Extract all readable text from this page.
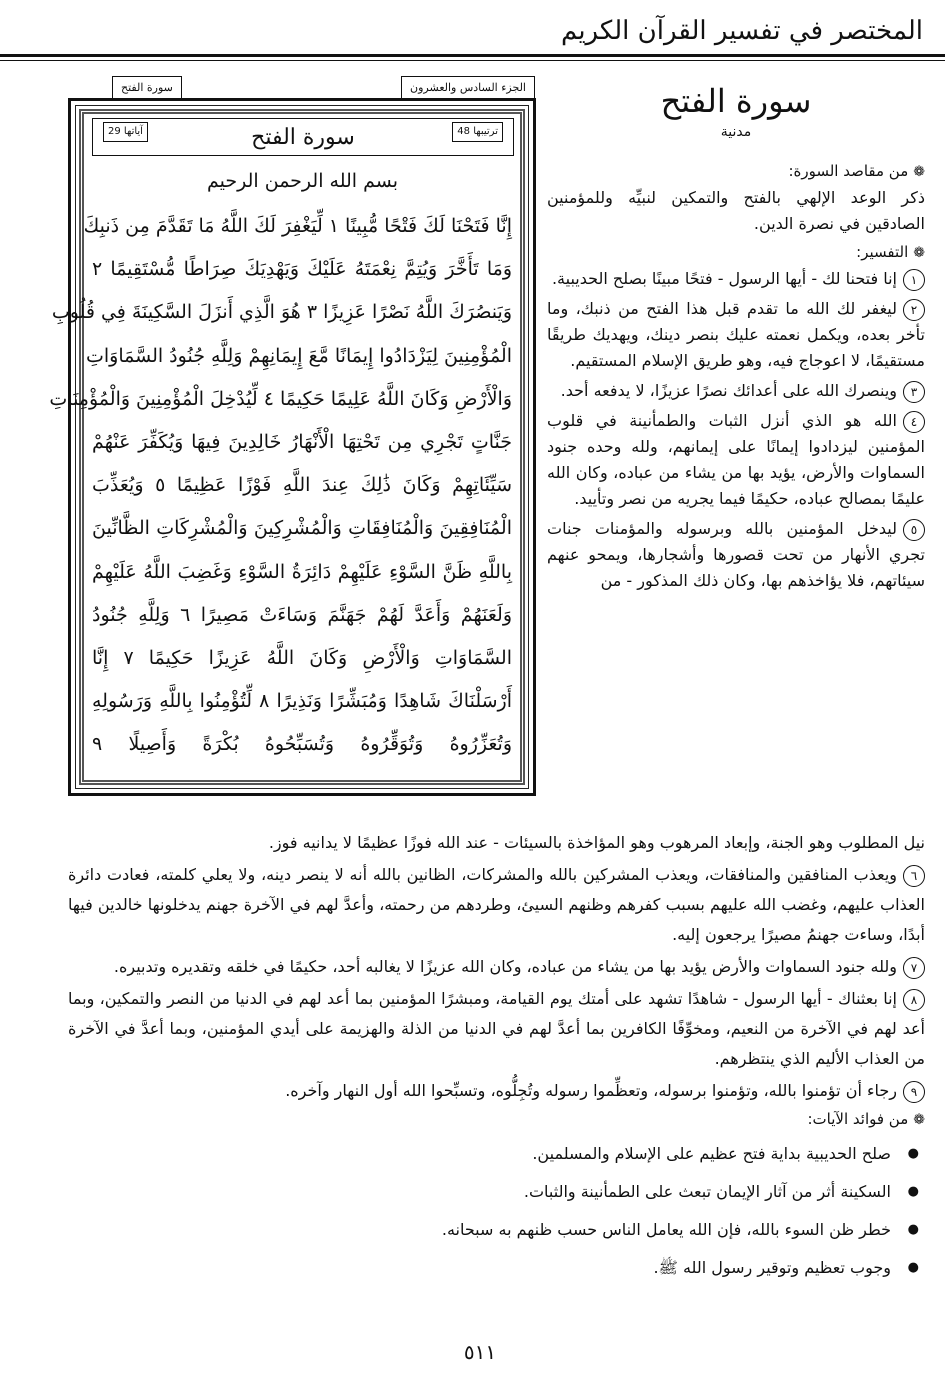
المختصر في تفسير القرآن الكريم
الجزء السادس والعشرون
سورة الفتح
ترتيبها 48
سورة الفتح
آياتها 29
بسم الله الرحمن الرحيم
إِنَّا فَتَحْنَا لَكَ فَتْحًا مُّبِينًا ١ لِّيَغْفِرَ لَكَ اللَّهُ مَا تَقَدَّمَ مِن ذَنبِكَ
وَمَا تَأَخَّرَ وَيُتِمَّ نِعْمَتَهُ عَلَيْكَ وَيَهْدِيَكَ صِرَاطًا مُّسْتَقِيمًا ٢
وَيَنصُرَكَ اللَّهُ نَصْرًا عَزِيزًا ٣ هُوَ الَّذِي أَنزَلَ السَّكِينَةَ فِي قُلُوبِ
الْمُؤْمِنِينَ لِيَزْدَادُوا إِيمَانًا مَّعَ إِيمَانِهِمْ وَلِلَّهِ جُنُودُ السَّمَاوَاتِ
وَالْأَرْضِ وَكَانَ اللَّهُ عَلِيمًا حَكِيمًا ٤ لِّيُدْخِلَ الْمُؤْمِنِينَ وَالْمُؤْمِنَاتِ
جَنَّاتٍ تَجْرِي مِن تَحْتِهَا الْأَنْهَارُ خَالِدِينَ فِيهَا وَيُكَفِّرَ عَنْهُمْ
سَيِّئَاتِهِمْ وَكَانَ ذَٰلِكَ عِندَ اللَّهِ فَوْزًا عَظِيمًا ٥ وَيُعَذِّبَ
الْمُنَافِقِينَ وَالْمُنَافِقَاتِ وَالْمُشْرِكِينَ وَالْمُشْرِكَاتِ الظَّانِّينَ
بِاللَّهِ ظَنَّ السَّوْءِ عَلَيْهِمْ دَائِرَةُ السَّوْءِ وَغَضِبَ اللَّهُ عَلَيْهِمْ
وَلَعَنَهُمْ وَأَعَدَّ لَهُمْ جَهَنَّمَ وَسَاءَتْ مَصِيرًا ٦ وَلِلَّهِ جُنُودُ
السَّمَاوَاتِ وَالْأَرْضِ وَكَانَ اللَّهُ عَزِيزًا حَكِيمًا ٧ إِنَّا
أَرْسَلْنَاكَ شَاهِدًا وَمُبَشِّرًا وَنَذِيرًا ٨ لِّتُؤْمِنُوا بِاللَّهِ وَرَسُولِهِ
وَتُعَزِّرُوهُ وَتُوَقِّرُوهُ وَتُسَبِّحُوهُ بُكْرَةً وَأَصِيلًا ٩
سورة الفتح
مدنية
❁من مقاصد السورة:
ذكر الوعد الإلهي بالفتح والتمكين لنبيِّه وللمؤمنين الصادقين في نصرة الدين.
❁التفسير:
١إنا فتحنا لك - أيها الرسول - فتحًا مبينًا بصلح الحديبية.
٢ليغفر لك الله ما تقدم قبل هذا الفتح من ذنبك، وما تأخر بعده، ويكمل نعمته عليك بنصر دينك، ويهديك طريقًا مستقيمًا، لا اعوجاج فيه، وهو طريق الإسلام المستقيم.
٣وينصرك الله على أعدائك نصرًا عزيزًا، لا يدفعه أحد.
٤الله هو الذي أنزل الثبات والطمأنينة في قلوب المؤمنين ليزدادوا إيمانًا على إيمانهم، ولله وحده جنود السماوات والأرض، يؤيد بها من يشاء من عباده، وكان الله عليمًا بمصالح عباده، حكيمًا فيما يجريه من نصر وتأييد.
٥ليدخل المؤمنين بالله وبرسوله والمؤمنات جنات تجري الأنهار من تحت قصورها وأشجارها، ويمحو عنهم سيئاتهم، فلا يؤاخذهم بها، وكان ذلك المذكور - من
نيل المطلوب وهو الجنة، وإبعاد المرهوب وهو المؤاخذة بالسيئات - عند الله فوزًا عظيمًا لا يدانيه فوز.
٦ويعذب المنافقين والمنافقات، ويعذب المشركين بالله والمشركات، الظانين بالله أنه لا ينصر دينه، ولا يعلي كلمته، فعادت دائرة العذاب عليهم، وغضب الله عليهم بسبب كفرهم وظنهم السيئ، وطردهم من رحمته، وأعدَّ لهم في الآخرة جهنم يدخلونها خالدين فيها أبدًا، وساءت جهنمُ مصيرًا يرجعون إليه.
٧ولله جنود السماوات والأرض يؤيد بها من يشاء من عباده، وكان الله عزيزًا لا يغالبه أحد، حكيمًا في خلقه وتقديره وتدبيره.
٨إنا بعثناك - أيها الرسول - شاهدًا تشهد على أمتك يوم القيامة، ومبشرًا المؤمنين بما أعد لهم في الدنيا من النصر والتمكين، وبما أعد لهم في الآخرة من النعيم، ومخوِّفًا الكافرين بما أعدَّ لهم في الدنيا من الذلة والهزيمة على أيدي المؤمنين، وبما أعدَّ في الآخرة من العذاب الأليم الذي ينتظرهم.
٩رجاء أن تؤمنوا بالله، وتؤمنوا برسوله، وتعظِّموا رسوله وتُجِلُّوه، وتسبِّحوا الله أول النهار وآخره.
❁من فوائد الآيات:
● صلح الحديبية بداية فتح عظيم على الإسلام والمسلمين.
● السكينة أثر من آثار الإيمان تبعث على الطمأنينة والثبات.
● خطر ظن السوء بالله، فإن الله يعامل الناس حسب ظنهم به سبحانه.
● وجوب تعظيم وتوقير رسول الله ﷺ.
٥١١
